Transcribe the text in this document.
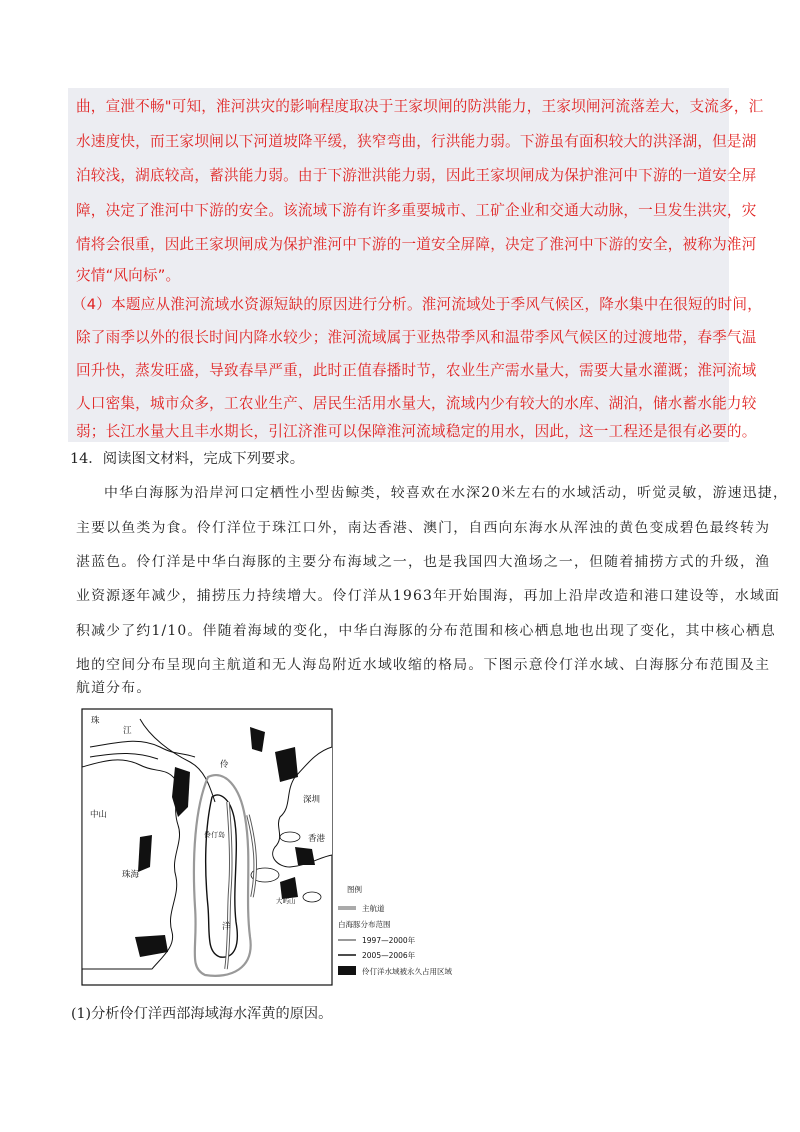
曲，宣泄不畅"可知，淮河洪灾的影响程度取决于王家坝闸的防洪能力，王家坝闸河流落差大，支流多，汇
水速度快，而王家坝闸以下河道坡降平缓，狭窄弯曲，行洪能力弱。下游虽有面积较大的洪泽湖，但是湖
泊较浅，湖底较高，蓄洪能力弱。由于下游泄洪能力弱，因此王家坝闸成为保护淮河中下游的一道安全屏
障，决定了淮河中下游的安全。该流域下游有许多重要城市、工矿企业和交通大动脉，一旦发生洪灾，灾
情将会很重，因此王家坝闸成为保护淮河中下游的一道安全屏障，决定了淮河中下游的安全，被称为淮河
灾情“风向标”。
（4）本题应从淮河流域水资源短缺的原因进行分析。淮河流域处于季风气候区，降水集中在很短的时间，
除了雨季以外的很长时间内降水较少；淮河流域属于亚热带季风和温带季风气候区的过渡地带，春季气温
回升快，蒸发旺盛，导致春旱严重，此时正值春播时节，农业生产需水量大，需要大量水灌溉；淮河流域
人口密集，城市众多，工农业生产、居民生活用水量大，流域内少有较大的水库、湖泊，储水蓄水能力较
弱；长江水量大且丰水期长，引江济淮可以保障淮河流域稳定的用水，因此，这一工程还是很有必要的。
14．阅读图文材料，完成下列要求。
中华白海豚为沿岸河口定栖性小型齿鲸类，较喜欢在水深20米左右的水域活动，听觉灵敏，游速迅捷，
主要以鱼类为食。伶仃洋位于珠江口外，南达香港、澳门，自西向东海水从浑浊的黄色变成碧色最终转为
湛蓝色。伶仃洋是中华白海豚的主要分布海域之一，也是我国四大渔场之一，但随着捕捞方式的升级，渔
业资源逐年减少，捕捞压力持续增大。伶仃洋从1963年开始围海，再加上沿岸改造和港口建设等，水域面
积减少了约1/10。伴随着海域的变化，中华白海豚的分布范围和核心栖息地也出现了变化，其中核心栖息
地的空间分布呈现向主航道和无人海岛附近水域收缩的格局。下图示意伶仃洋水域、白海豚分布范围及主
航道分布。
珠
江
伶
洋
中山
珠海
深圳
香港
伶仃岛
大屿山
图例
主航道
白海豚分布范围
1997—2000年
2005—2006年
伶仃洋水域被永久占用区域
(1)分析伶仃洋西部海域海水浑黄的原因。
